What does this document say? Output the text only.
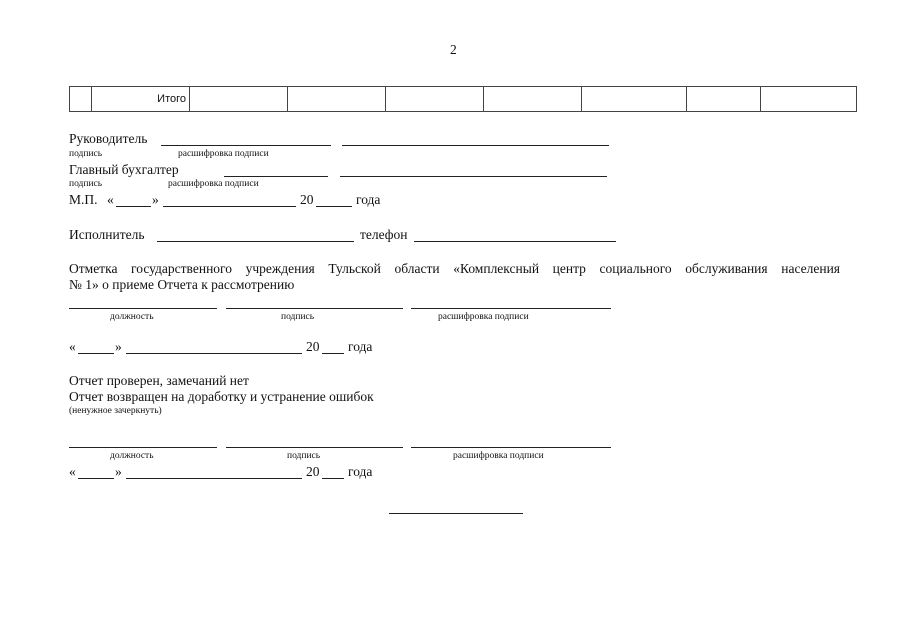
2
	Итого							
Руководитель
подпись	расшифровка подписи
Главный бухгалтер
подпись	расшифровка подписи
М.П. «	»	20	года
Исполнитель	телефон
Отметка государственного учреждения Тульской области «Комплексный центр социального обслуживания населения
№ 1» о приеме Отчета к рассмотрению
должность	подпись	расшифровка подписи
«	»	20 года
Отчет проверен, замечаний нет
Отчет возвращен на доработку и устранение ошибок
(ненужное зачеркнуть)
должность	подпись	расшифровка подписи
«	»	20 года
